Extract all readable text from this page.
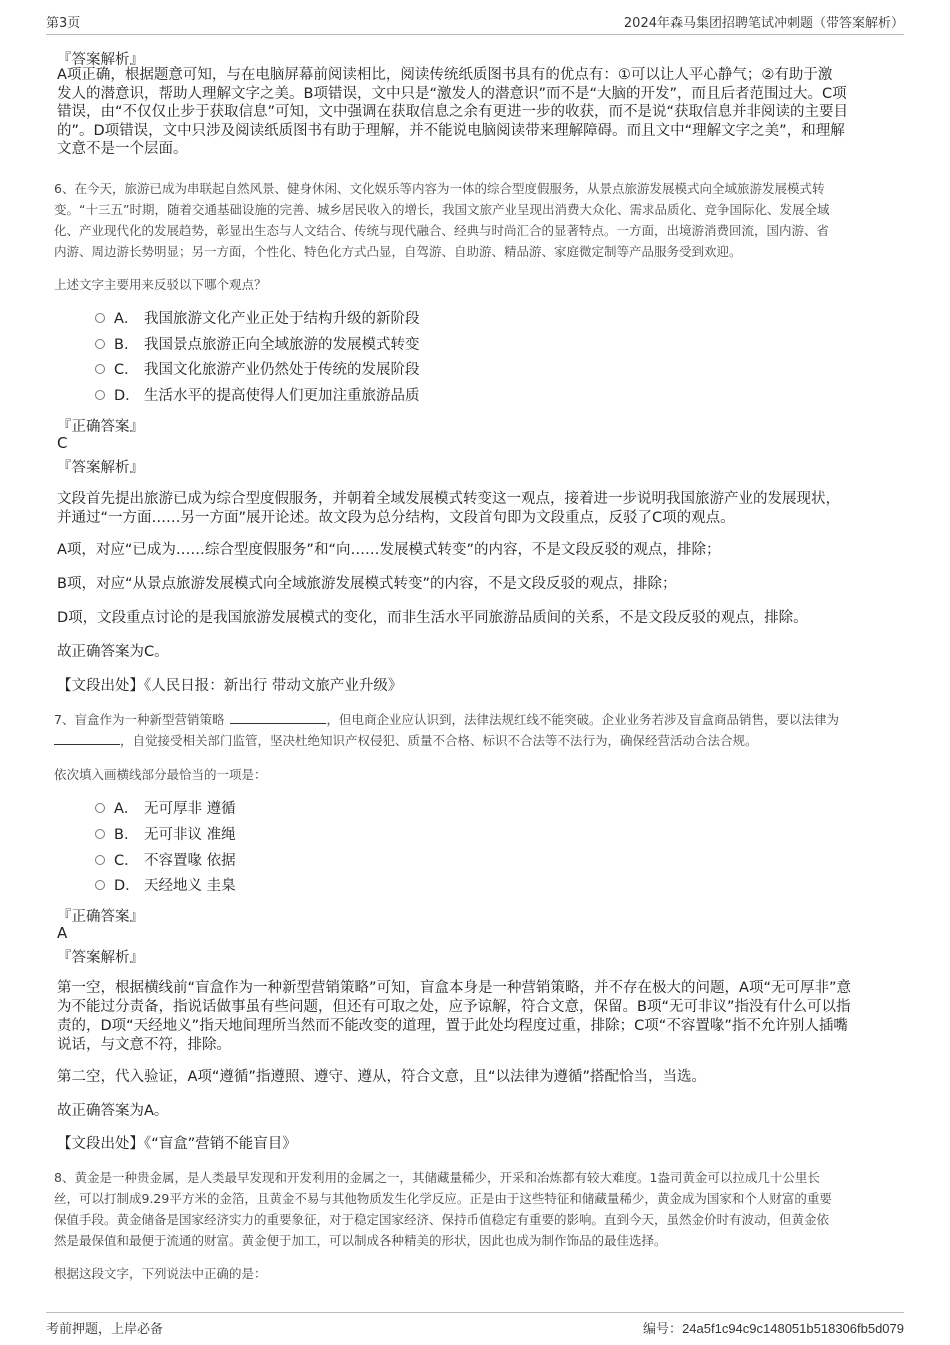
第3页	2024年森马集团招聘笔试冲刺题（带答案解析）
『答案解析』
A项正确，根据题意可知，与在电脑屏幕前阅读相比，阅读传统纸质图书具有的优点有：①可以让人平心静气；②有助于激
发人的潜意识，帮助人理解文字之美。B项错误，文中只是“激发人的潜意识”而不是“大脑的开发”，而且后者范围过大。C项
错误，由“不仅仅止步于获取信息”可知，文中强调在获取信息之余有更进一步的收获，而不是说“获取信息并非阅读的主要目
的”。D项错误，文中只涉及阅读纸质图书有助于理解，并不能说电脑阅读带来理解障碍。而且文中“理解文字之美”，和理解
文意不是一个层面。
6、在今天，旅游已成为串联起自然风景、健身休闲、文化娱乐等内容为一体的综合型度假服务，从景点旅游发展模式向全域旅游发展模式转
变。“十三五”时期，随着交通基础设施的完善、城乡居民收入的增长，我国文旅产业呈现出消费大众化、需求品质化、竞争国际化、发展全域
化、产业现代化的发展趋势，彰显出生态与人文结合、传统与现代融合、经典与时尚汇合的显著特点。一方面，出境游消费回流，国内游、省
内游、周边游长势明显；另一方面，个性化、特色化方式凸显，自驾游、自助游、精品游、家庭微定制等产品服务受到欢迎。
上述文字主要用来反驳以下哪个观点？
A． 我国旅游文化产业正处于结构升级的新阶段
B． 我国景点旅游正向全域旅游的发展模式转变
C． 我国文化旅游产业仍然处于传统的发展阶段
D． 生活水平的提高使得人们更加注重旅游品质
『正确答案』
C
『答案解析』
文段首先提出旅游已成为综合型度假服务，并朝着全域发展模式转变这一观点，接着进一步说明我国旅游产业的发展现状，
并通过“一方面……另一方面”展开论述。故文段为总分结构，文段首句即为文段重点，反驳了C项的观点。
A项，对应“已成为……综合型度假服务”和“向……发展模式转变”的内容，不是文段反驳的观点，排除；
B项，对应“从景点旅游发展模式向全域旅游发展模式转变”的内容，不是文段反驳的观点，排除；
D项，文段重点讨论的是我国旅游发展模式的变化，而非生活水平同旅游品质间的关系，不是文段反驳的观点，排除。
故正确答案为C。
【文段出处】《人民日报：新出行 带动文旅产业升级》
7、盲盒作为一种新型营销策略	，但电商企业应认识到，法律法规红线不能突破。企业业务若涉及盲盒商品销售，要以法律为
，自觉接受相关部门监管，坚决杜绝知识产权侵犯、质量不合格、标识不合法等不法行为，确保经营活动合法合规。
依次填入画横线部分最恰当的一项是：
A． 无可厚非 遵循
B． 无可非议 准绳
C． 不容置喙 依据
D． 天经地义 圭臬
『正确答案』
A
『答案解析』
第一空，根据横线前“盲盒作为一种新型营销策略”可知，盲盒本身是一种营销策略，并不存在极大的问题，A项“无可厚非”意
为不能过分责备，指说话做事虽有些问题，但还有可取之处，应予谅解，符合文意，保留。B项“无可非议”指没有什么可以指
责的，D项“天经地义”指天地间理所当然而不能改变的道理，置于此处均程度过重，排除；C项“不容置喙”指不允许别人插嘴
说话，与文意不符，排除。
第二空，代入验证，A项“遵循”指遵照、遵守、遵从，符合文意，且“以法律为遵循”搭配恰当，当选。
故正确答案为A。
【文段出处】《“盲盒”营销不能盲目》
8、黄金是一种贵金属，是人类最早发现和开发利用的金属之一，其储藏量稀少，开采和冶炼都有较大难度。1盎司黄金可以拉成几十公里长
丝，可以打制成9.29平方米的金箔，且黄金不易与其他物质发生化学反应。正是由于这些特征和储藏量稀少，黄金成为国家和个人财富的重要
保值手段。黄金储备是国家经济实力的重要象征，对于稳定国家经济、保持币值稳定有重要的影响。直到今天，虽然金价时有波动，但黄金依
然是最保值和最便于流通的财富。黄金便于加工，可以制成各种精美的形状，因此也成为制作饰品的最佳选择。
根据这段文字，下列说法中正确的是：
考前押题，上岸必备	编号：24a5f1c94c9c148051b518306fb5d079
